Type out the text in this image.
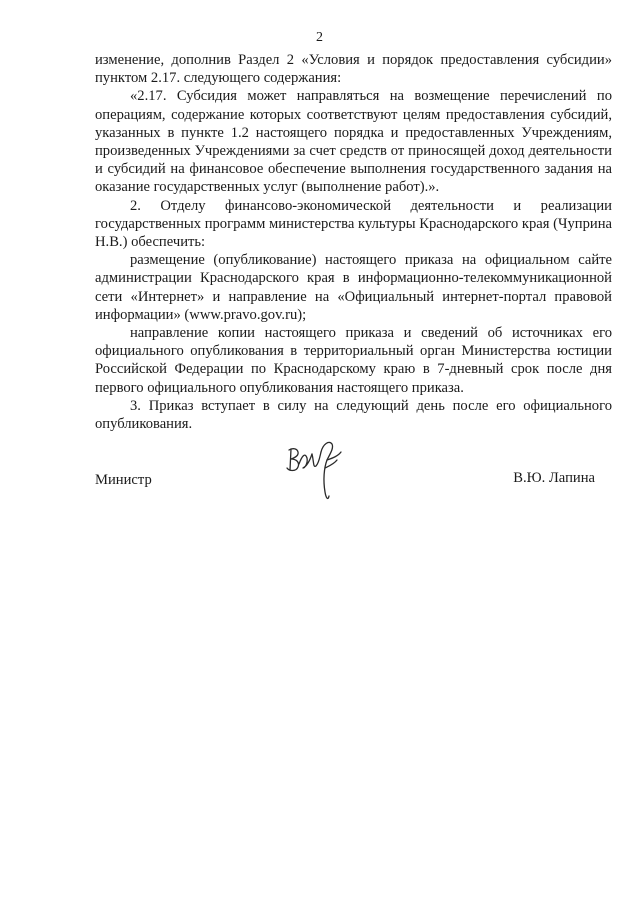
2

изменение, дополнив Раздел 2 «Условия и порядок предоставления субсидии» пунктом 2.17. следующего содержания:

«2.17. Субсидия может направляться на возмещение перечислений по операциям, содержание которых соответствуют целям предоставления субсидий, указанных в пункте 1.2 настоящего порядка и предоставленных Учреждениям, произведенных Учреждениями за счет средств от приносящей доход деятельности и субсидий на финансовое обеспечение выполнения государственного задания на оказание государственных услуг (выполнение работ).».

2. Отделу финансово-экономической деятельности и реализации государственных программ министерства культуры Краснодарского края (Чуприна Н.В.) обеспечить:

размещение (опубликование) настоящего приказа на официальном сайте администрации Краснодарского края в информационно-телекоммуникационной сети «Интернет» и направление на «Официальный интернет-портал правовой информации» (www.pravo.gov.ru);

направление копии настоящего приказа и сведений об источниках его официального опубликования в территориальный орган Министерства юстиции Российской Федерации по Краснодарскому краю в 7-дневный срок после дня первого официального опубликования настоящего приказа.

3. Приказ вступает в силу на следующий день после его официального опубликования.

Министр	В.Ю. Лапина
